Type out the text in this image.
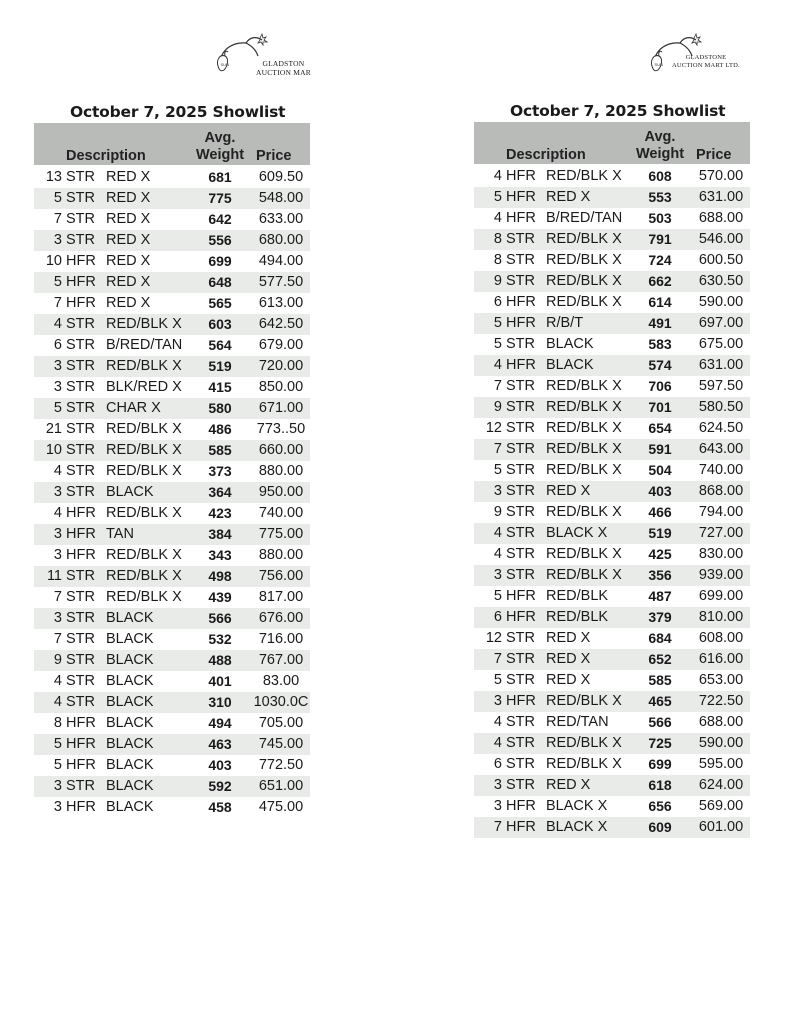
SUN	GLADSTON
AUCTION MAR
October 7, 2025 Showlist
Description
Avg.
Weight Price
13 STR RED X	681	609.50
5 STR RED X	775	548.00
7 STR RED X	642	633.00
3 STR RED X	556	680.00
10 HFR RED X	699	494.00
5 HFR RED X	648	577.50
7 HFR RED X	565	613.00
4 STR RED/BLK X	603	642.50
6 STR B/RED/TAN	564	679.00
3 STR RED/BLK X	519	720.00
3 STR BLK/RED X	415	850.00
5 STR CHAR X	580	671.00
21 STR RED/BLK X	486	773..50
10 STR RED/BLK X	585	660.00
4 STR RED/BLK X	373	880.00
3 STR BLACK	364	950.00
4 HFR RED/BLK X	423	740.00
3 HFR TAN	384	775.00
3 HFR RED/BLK X	343	880.00
11 STR RED/BLK X	498	756.00
7 STR RED/BLK X	439	817.00
3 STR BLACK	566	676.00
7 STR BLACK	532	716.00
9 STR BLACK	488	767.00
4 STR BLACK	401	83.00
4 STR BLACK	310	1030.0C
8 HFR BLACK	494	705.00
5 HFR BLACK	463	745.00
5 HFR BLACK	403	772.50
3 STR BLACK	592	651.00
3 HFR BLACK	458	475.00
SUN
GLADSTONE
AUCTION MART LTD.
October 7, 2025 Showlist
Description
Avg.
Weight Price
4 HFR RED/BLK X	608	570.00
5 HFR RED X	553	631.00
4 HFR B/RED/TAN	503	688.00
8 STR RED/BLK X	791	546.00
8 STR RED/BLK X	724	600.50
9 STR RED/BLK X	662	630.50
6 HFR RED/BLK X	614	590.00
5 HFR R/B/T	491	697.00
5 STR BLACK	583	675.00
4 HFR BLACK	574	631.00
7 STR RED/BLK X	706	597.50
9 STR RED/BLK X	701	580.50
12 STR RED/BLK X	654	624.50
7 STR RED/BLK X	591	643.00
5 STR RED/BLK X	504	740.00
3 STR RED X	403	868.00
9 STR RED/BLK X	466	794.00
4 STR BLACK X	519	727.00
4 STR RED/BLK X	425	830.00
3 STR RED/BLK X	356	939.00
5 HFR RED/BLK	487	699.00
6 HFR RED/BLK	379	810.00
12 STR RED X	684	608.00
7 STR RED X	652	616.00
5 STR RED X	585	653.00
3 HFR RED/BLK X	465	722.50
4 STR RED/TAN	566	688.00
4 STR RED/BLK X	725	590.00
6 STR RED/BLK X	699	595.00
3 STR RED X	618	624.00
3 HFR BLACK X	656	569.00
7 HFR BLACK X	609	601.00
